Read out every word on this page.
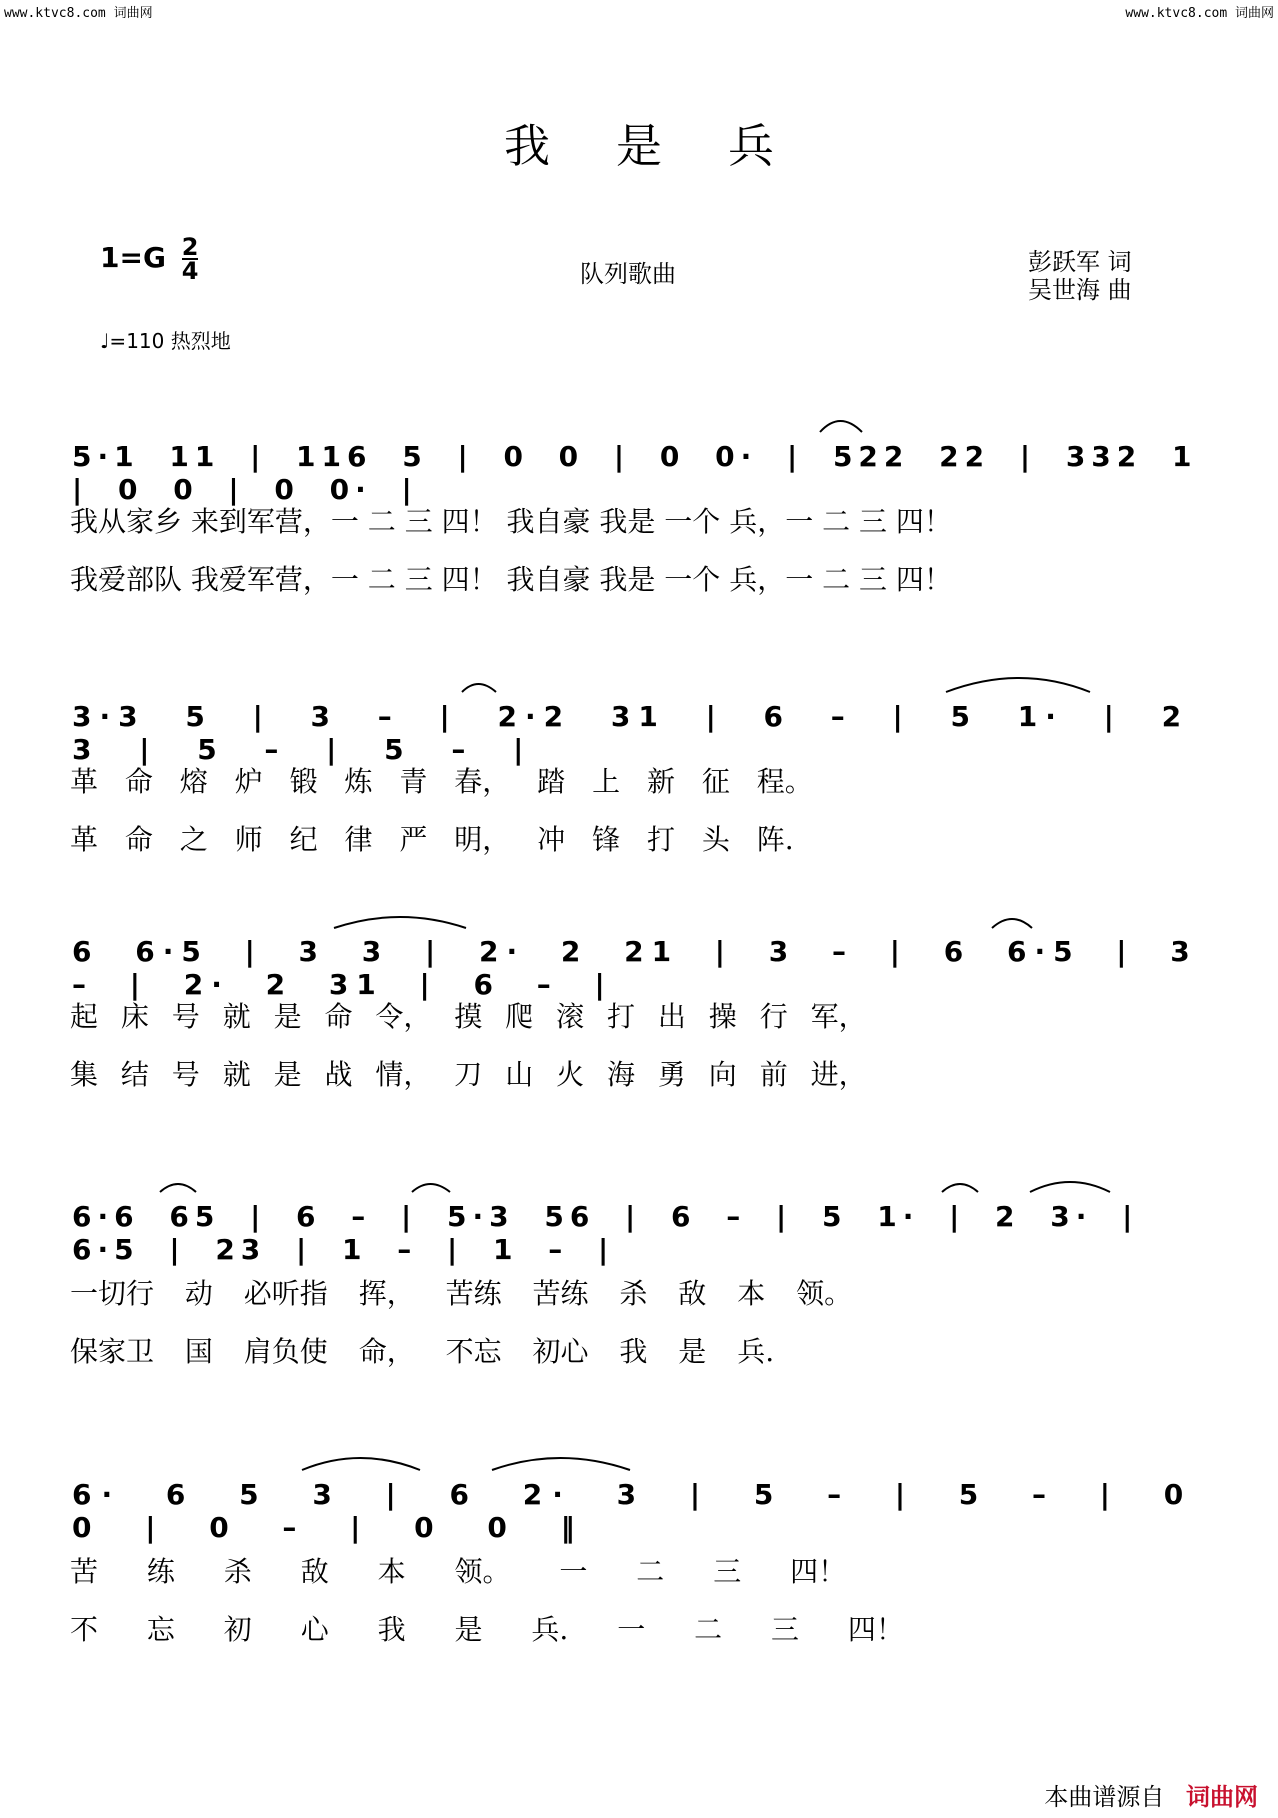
www.ktvc8.com 词曲网	www.ktvc8.com 词曲网
我是兵
$1=G \frac{2}{4}$	队列歌曲	彭跃军 词
吴世海 曲
♩=110 热烈地
5·1 11 | 116 5 | 0 0 | 0 0· | 522 22 | 332 1 | 0 0 | 0 0· |
我从家乡 来到军营，一 二 三 四！ 我自豪 我是 一个 兵，一 二 三 四！
我爱部队 我爱军营，一 二 三 四！ 我自豪 我是 一个 兵，一 二 三 四！
3·3 5 | 3 – | 2·2 31 | 6 – | 5 1· | 2 3 | 5 – | 5 – |
革 命 熔 炉 锻 炼 青 春， 踏 上 新 征 程。
革 命 之 师 纪 律 严 明， 冲 锋 打 头 阵.
6 6·5 | 3 3 | 2· 2 21 | 3 – | 6 6·5 | 3 – | 2· 2 31 | 6 – |
起 床 号 就 是 命 令， 摸 爬 滚 打 出 操 行 军，
集 结 号 就 是 战 情， 刀 山 火 海 勇 向 前 进，
6·6 65 | 6 – | 5·3 56 | 6 – | 5 1· | 2 3· | 6·5 | 23 | 1 – | 1 – |
一切行 动 必听指 挥， 苦练 苦练 杀 敌 本 领。
保家卫 国 肩负使 命， 不忘 初心 我 是 兵.
6· 6 5 3 | 6 2· 3 | 5 – | 5 – | 0 0 | 0 – | 0 0 ‖
苦 练 杀 敌 本 领。 一 二 三 四！
不 忘 初 心 我 是 兵. 一 二 三 四！
本曲谱源自 词曲网
